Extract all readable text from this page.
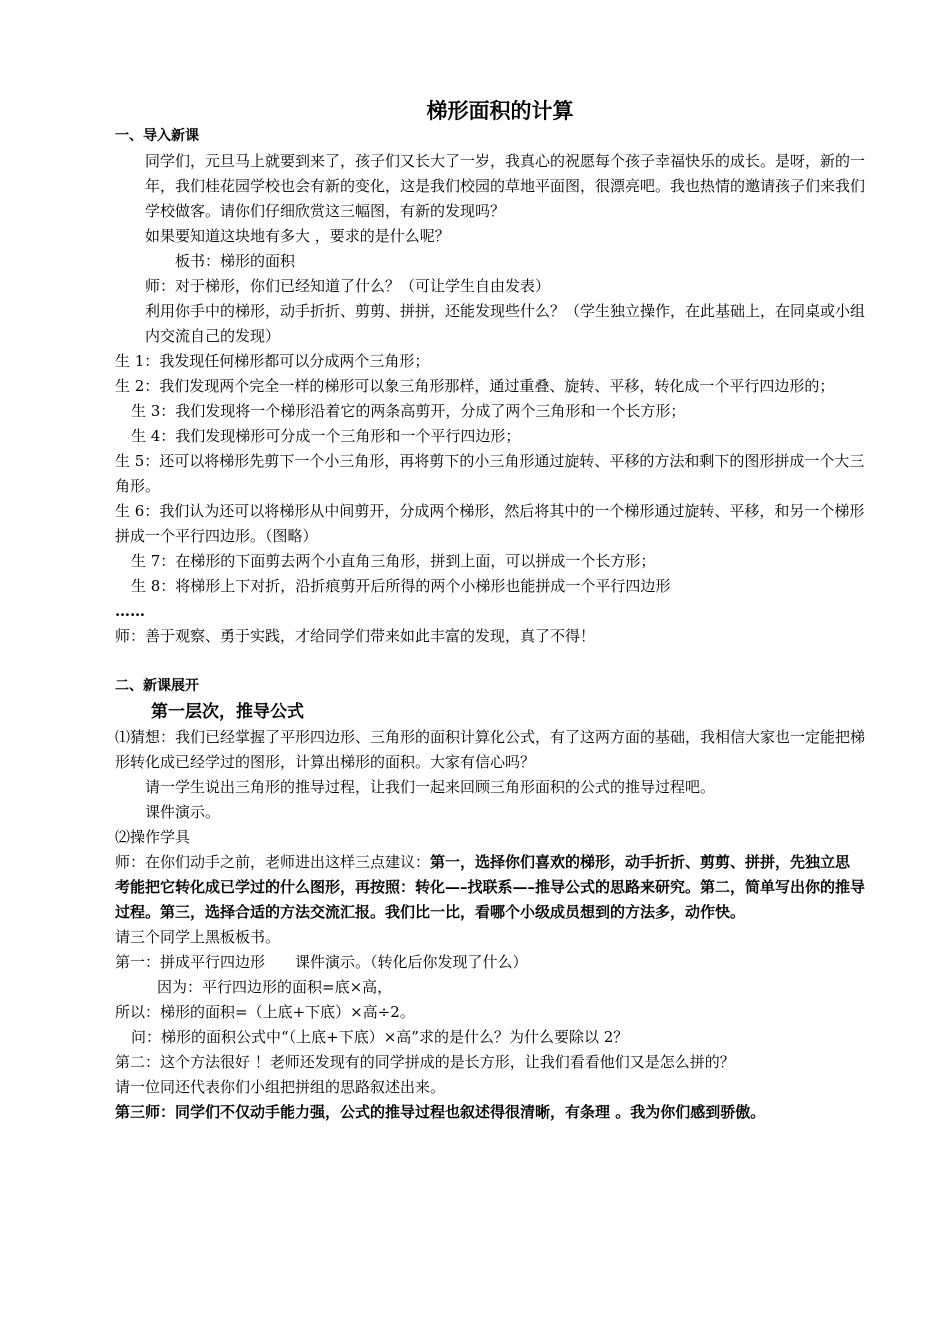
梯形面积的计算

一、导入新课

同学们，元旦马上就要到来了，孩子们又长大了一岁，我真心的祝愿每个孩子幸福快乐的成长。是呀，新的一年，我们桂花园学校也会有新的变化，这是我们校园的草地平面图，很漂亮吧。我也热情的邀请孩子们来我们学校做客。请你们仔细欣赏这三幅图，有新的发现吗？

如果要知道这块地有多大 ，要求的是什么呢？

板书：梯形的面积

师：对于梯形，你们已经知道了什么？（可让学生自由发表）

利用你手中的梯形，动手折折、剪剪、拼拼，还能发现些什么？（学生独立操作，在此基础上，在同桌或小组内交流自己的发现）

生 1：我发现任何梯形都可以分成两个三角形；

生 2：我们发现两个完全一样的梯形可以象三角形那样，通过重叠、旋转、平移，转化成一个平行四边形的；

生 3：我们发现将一个梯形沿着它的两条高剪开，分成了两个三角形和一个长方形；

生 4：我们发现梯形可分成一个三角形和一个平行四边形；

生 5：还可以将梯形先剪下一个小三角形，再将剪下的小三角形通过旋转、平移的方法和剩下的图形拼成一个大三角形。

生 6：我们认为还可以将梯形从中间剪开，分成两个梯形，然后将其中的一个梯形通过旋转、平移，和另一个梯形拼成一个平行四边形。（图略）

生 7：在梯形的下面剪去两个小直角三角形，拼到上面，可以拼成一个长方形；

生 8：将梯形上下对折，沿折痕剪开后所得的两个小梯形也能拼成一个平行四边形

……

师：善于观察、勇于实践，才给同学们带来如此丰富的发现，真了不得！

二、新课展开

第一层次，推导公式

⑴猜想：我们已经掌握了平形四边形、三角形的面积计算化公式，有了这两方面的基础，我相信大家也一定能把梯形转化成已经学过的图形，计算出梯形的面积。大家有信心吗？

请一学生说出三角形的推导过程，让我们一起来回顾三角形面积的公式的推导过程吧。

课件演示。

⑵操作学具

师：在你们动手之前，老师进出这样三点建议：第一，选择你们喜欢的梯形，动手折折、剪剪、拼拼，先独立思考能把它转化成已学过的什么图形，再按照：转化—–找联系—–推导公式的思路来研究。第二，简单写出你的推导过程。第三，选择合适的方法交流汇报。我们比一比，看哪个小级成员想到的方法多，动作快。

请三个同学上黑板板书。

第一：拼成平行四边形　　课件演示。（转化后你发现了什么）

因为：平行四边形的面积=底×高，

所以：梯形的面积=（上底+下底）×高÷2。

问：梯形的面积公式中“（上底+下底）×高”求的是什么？为什么要除以 2？

第二：这个方法很好 ！老师还发现有的同学拼成的是长方形，让我们看看他们又是怎么拼的？

请一位同还代表你们小组把拼组的思路叙述出来。

第三师：同学们不仅动手能力强，公式的推导过程也叙述得很清晰，有条理 。我为你们感到骄傲。
